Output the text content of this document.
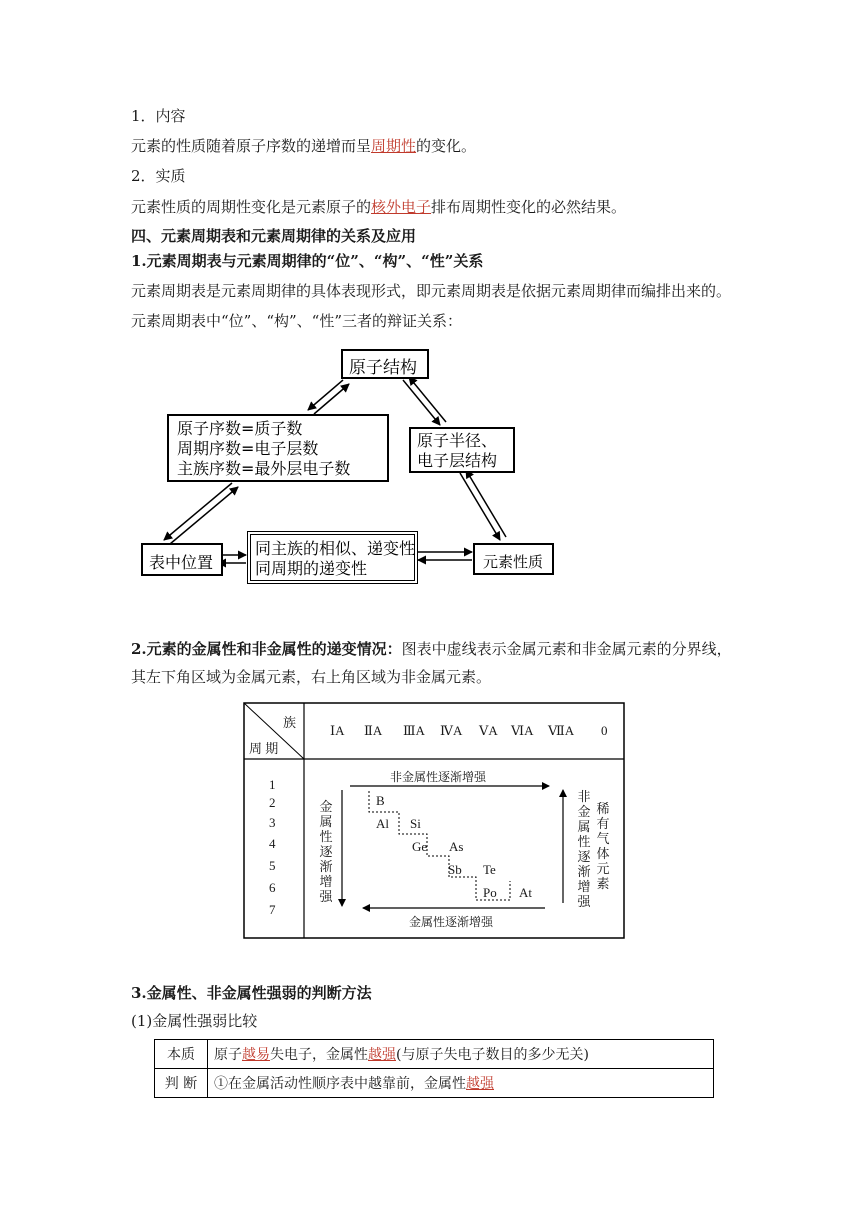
1．内容
元素的性质随着原子序数的递增而呈周期性的变化。
2．实质
元素性质的周期性变化是元素原子的核外电子排布周期性变化的必然结果。
四、元素周期表和元素周期律的关系及应用
1.元素周期表与元素周期律的“位”、“构”、“性”关系
元素周期表是元素周期律的具体表现形式，即元素周期表是依据元素周期律而编排出来的。
元素周期表中“位”、“构”、“性”三者的辩证关系：
原子结构
原子序数=质子数
周期序数=电子层数
主族序数=最外层电子数
原子半径、
电子层结构
表中位置
同主族的相似、递变性
同周期的递变性	元素性质
2.元素的金属性和非金属性的递变情况：图表中虚线表示金属元素和非金属元素的分界线，
其左下角区域为金属元素，右上角区域为非金属元素。
族
周 期
ⅠA ⅡA ⅢA ⅣA ⅤA ⅥA ⅦA 0
1
2
3
4
5
6
7
非金属性逐渐增强
金属性逐渐增强
金属性逐渐增强
非金属性逐渐增强
稀有气体元素
B
Al Si
Ge As
Sb Te
Po At
3.金属性、非金属性强弱的判断方法
(1)金属性强弱比较
本质	原子越易失电子，金属性越强(与原子失电子数目的多少无关)
判 断	①在金属活动性顺序表中越靠前，金属性越强
